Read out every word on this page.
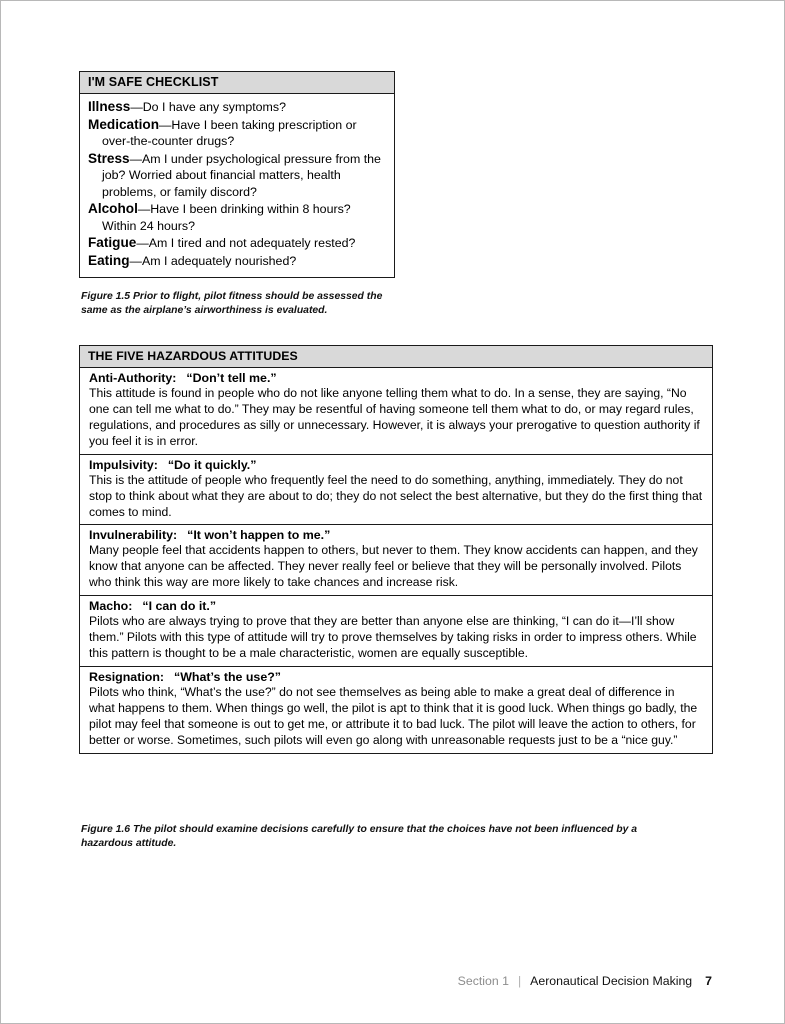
I'M SAFE CHECKLIST
Illness—Do I have any symptoms?
Medication—Have I been taking prescription or over-the-counter drugs?
Stress—Am I under psychological pressure from the job? Worried about financial matters, health problems, or family discord?
Alcohol—Have I been drinking within 8 hours? Within 24 hours?
Fatigue—Am I tired and not adequately rested?
Eating—Am I adequately nourished?
Figure 1.5 Prior to flight, pilot fitness should be assessed the same as the airplane’s airworthiness is evaluated.
THE FIVE HAZARDOUS ATTITUDES
Anti-Authority: “Don’t tell me.”
This attitude is found in people who do not like anyone telling them what to do. In a sense, they are saying, “No one can tell me what to do.” They may be resentful of having someone tell them what to do, or may regard rules, regulations, and procedures as silly or unnecessary. However, it is always your prerogative to question authority if you feel it is in error.
Impulsivity: “Do it quickly.”
This is the attitude of people who frequently feel the need to do something, anything, immediately. They do not stop to think about what they are about to do; they do not select the best alternative, but they do the first thing that comes to mind.
Invulnerability: “It won’t happen to me.”
Many people feel that accidents happen to others, but never to them. They know accidents can happen, and they know that anyone can be affected. They never really feel or believe that they will be personally involved. Pilots who think this way are more likely to take chances and increase risk.
Macho: “I can do it.”
Pilots who are always trying to prove that they are better than anyone else are thinking, “I can do it—I’ll show them.” Pilots with this type of attitude will try to prove themselves by taking risks in order to impress others. While this pattern is thought to be a male characteristic, women are equally susceptible.
Resignation: “What’s the use?”
Pilots who think, “What’s the use?” do not see themselves as being able to make a great deal of difference in what happens to them. When things go well, the pilot is apt to think that it is good luck. When things go badly, the pilot may feel that someone is out to get me, or attribute it to bad luck. The pilot will leave the action to others, for better or worse. Sometimes, such pilots will even go along with unreasonable requests just to be a “nice guy.”
Figure 1.6 The pilot should examine decisions carefully to ensure that the choices have not been influenced by a hazardous attitude.
Section 1 | Aeronautical Decision Making 7
